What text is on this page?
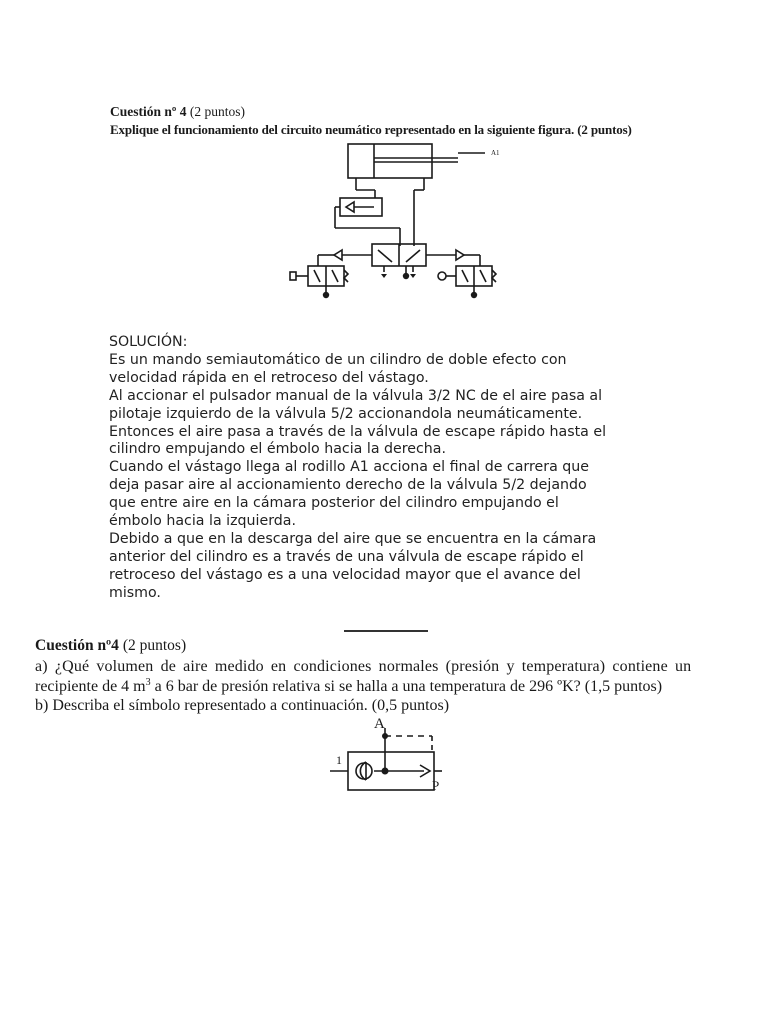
Cuestión nº 4 (2 puntos)
Explique el funcionamiento del circuito neumático representado en la siguiente figura. (2 puntos)
A1
SOLUCIÓN:
Es un mando semiautomático de un cilindro de doble efecto con
velocidad rápida en el retroceso del vástago.
Al accionar el pulsador manual de la válvula 3/2 NC de el aire pasa al
pilotaje izquierdo de la válvula 5/2 accionandola neumáticamente.
Entonces el aire pasa a través de la válvula de escape rápido hasta el
cilindro empujando el émbolo hacia la derecha.
Cuando el vástago llega al rodillo A1 acciona el final de carrera que
deja pasar aire al accionamiento derecho de la válvula 5/2 dejando
que entre aire en la cámara posterior del cilindro empujando el
émbolo hacia la izquierda.
Debido a que en la descarga del aire que se encuentra en la cámara
anterior del cilindro es a través de una válvula de escape rápido el
retroceso del vástago es a una velocidad mayor que el avance del
mismo.
Cuestión nº4 (2 puntos)
a) ¿Qué volumen de aire medido en condiciones normales (presión y temperatura) contiene un
recipiente de 4 $m^3$ a 6 bar de presión relativa si se halla a una temperatura de 296 ºK? (1,5 puntos)
b) Describa el símbolo representado a continuación. (0,5 puntos)
A
1
P
